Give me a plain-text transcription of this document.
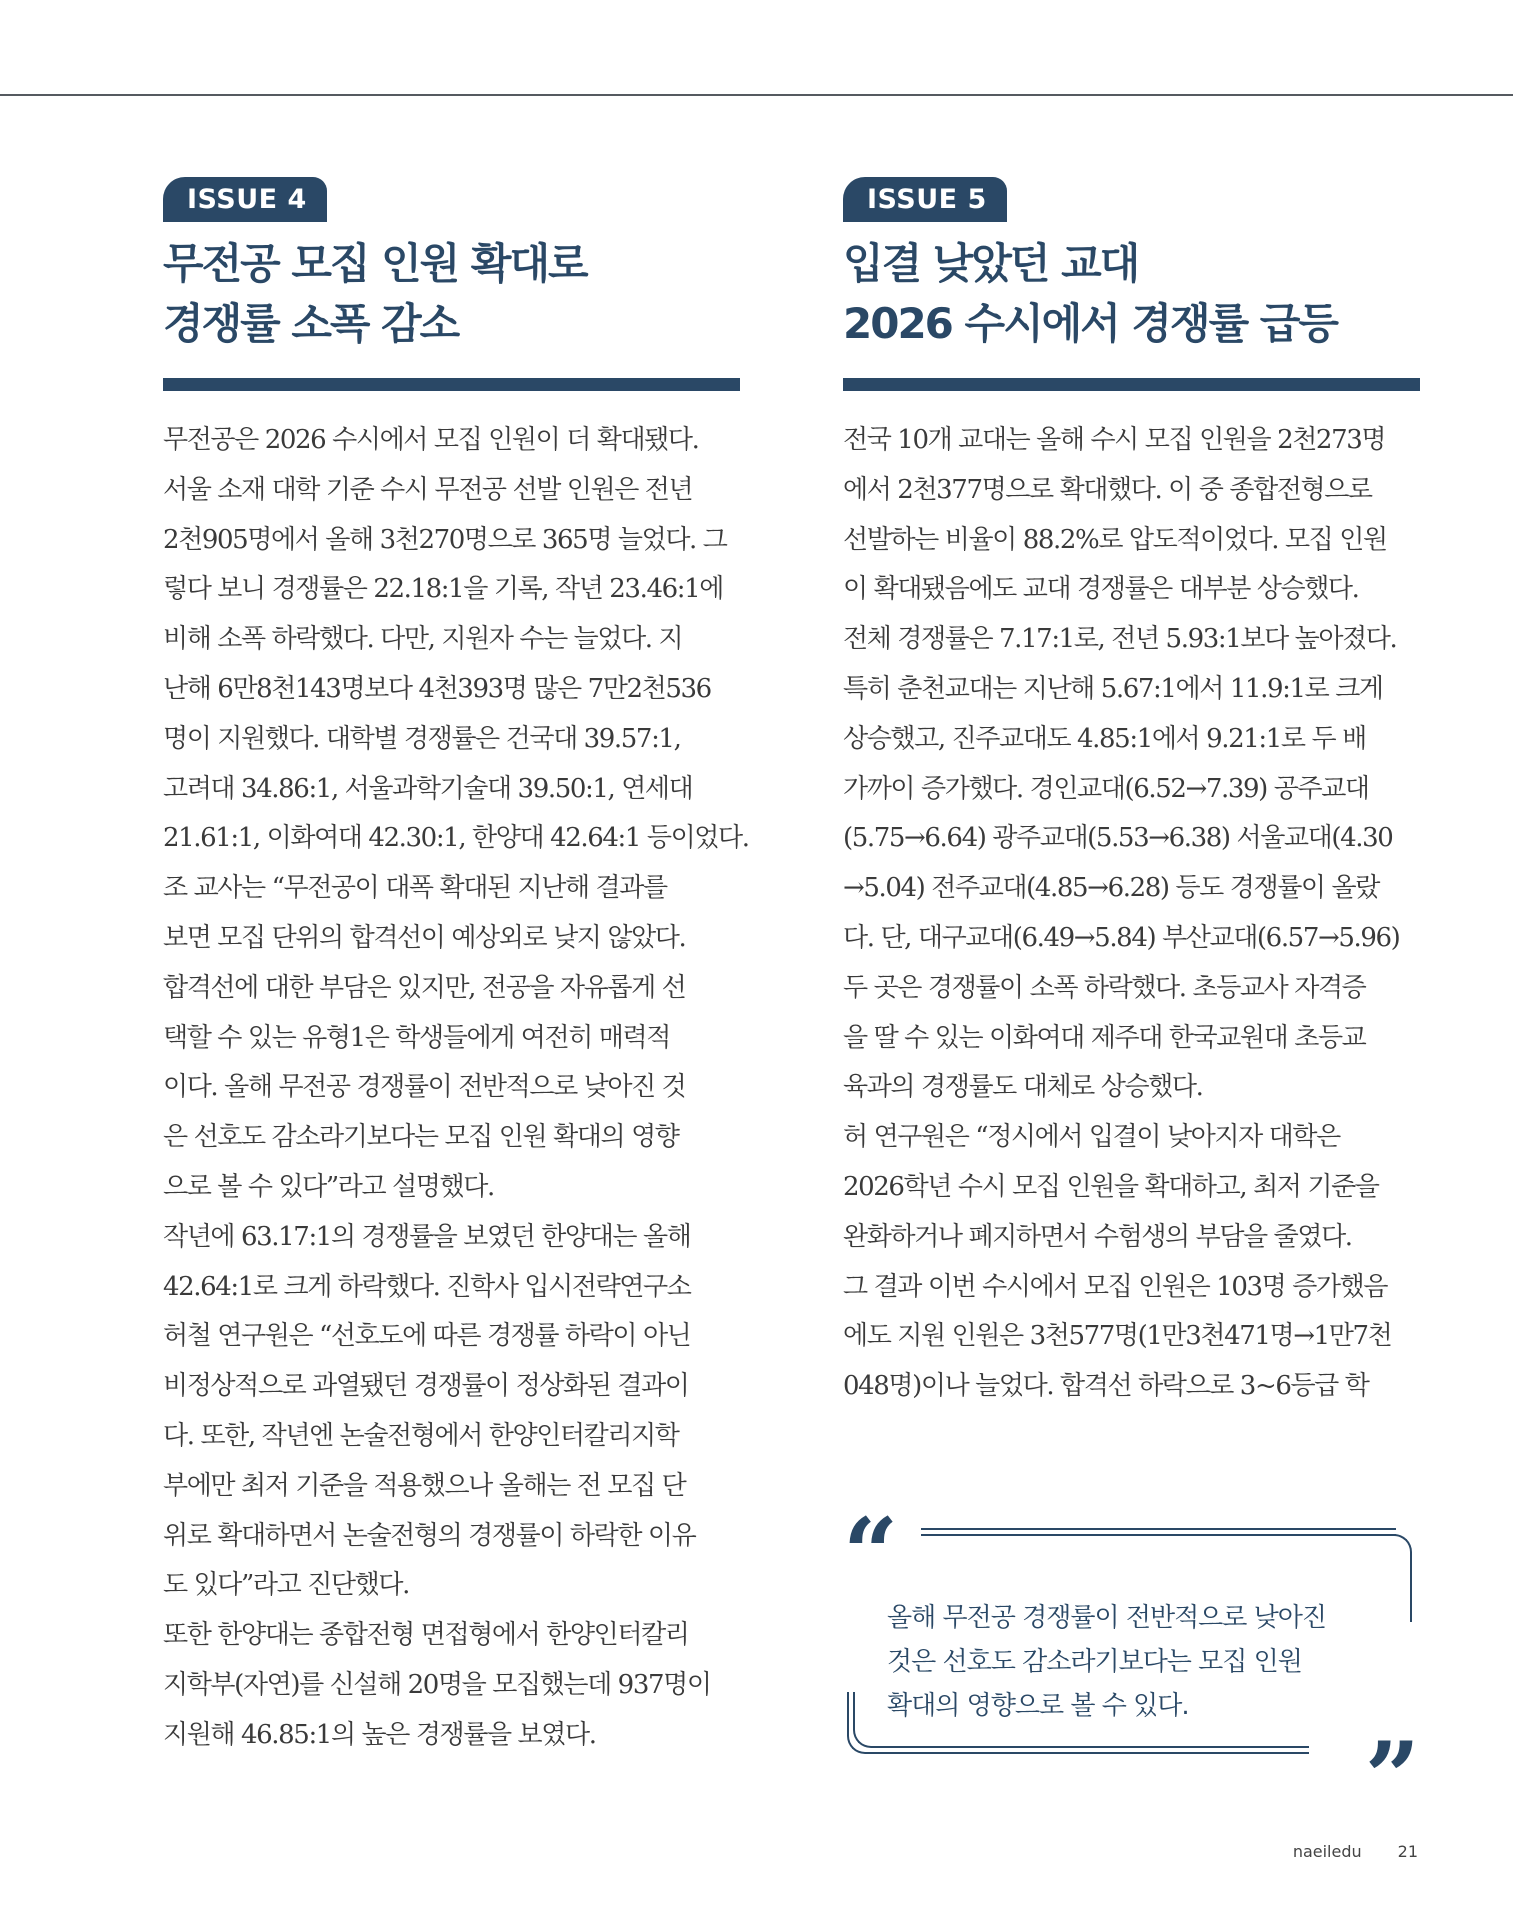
ISSUE 4
무전공 모집 인원 확대로
경쟁률 소폭 감소

무전공은 2026 수시에서 모집 인원이 더 확대됐다.
서울 소재 대학 기준 수시 무전공 선발 인원은 전년
2천905명에서 올해 3천270명으로 365명 늘었다. 그
렇다 보니 경쟁률은 22.18:1을 기록, 작년 23.46:1에
비해 소폭 하락했다. 다만, 지원자 수는 늘었다. 지
난해 6만8천143명보다 4천393명 많은 7만2천536
명이 지원했다. 대학별 경쟁률은 건국대 39.57:1,
고려대 34.86:1, 서울과학기술대 39.50:1, 연세대
21.61:1, 이화여대 42.30:1, 한양대 42.64:1 등이었다.
조 교사는 “무전공이 대폭 확대된 지난해 결과를
보면 모집 단위의 합격선이 예상외로 낮지 않았다.
합격선에 대한 부담은 있지만, 전공을 자유롭게 선
택할 수 있는 유형1은 학생들에게 여전히 매력적
이다. 올해 무전공 경쟁률이 전반적으로 낮아진 것
은 선호도 감소라기보다는 모집 인원 확대의 영향
으로 볼 수 있다”라고 설명했다.

작년에 63.17:1의 경쟁률을 보였던 한양대는 올해
42.64:1로 크게 하락했다. 진학사 입시전략연구소
허철 연구원은 “선호도에 따른 경쟁률 하락이 아닌
비정상적으로 과열됐던 경쟁률이 정상화된 결과이
다. 또한, 작년엔 논술전형에서 한양인터칼리지학
부에만 최저 기준을 적용했으나 올해는 전 모집 단
위로 확대하면서 논술전형의 경쟁률이 하락한 이유
도 있다”라고 진단했다.

또한 한양대는 종합전형 면접형에서 한양인터칼리
지학부(자연)를 신설해 20명을 모집했는데 937명이
지원해 46.85:1의 높은 경쟁률을 보였다.

ISSUE 5
입결 낮았던 교대
2026 수시에서 경쟁률 급등

전국 10개 교대는 올해 수시 모집 인원을 2천273명
에서 2천377명으로 확대했다. 이 중 종합전형으로
선발하는 비율이 88.2%로 압도적이었다. 모집 인원
이 확대됐음에도 교대 경쟁률은 대부분 상승했다.
전체 경쟁률은 7.17:1로, 전년 5.93:1보다 높아졌다.
특히 춘천교대는 지난해 5.67:1에서 11.9:1로 크게
상승했고, 진주교대도 4.85:1에서 9.21:1로 두 배
가까이 증가했다. 경인교대(6.52→7.39) 공주교대
(5.75→6.64) 광주교대(5.53→6.38) 서울교대(4.30
→5.04) 전주교대(4.85→6.28) 등도 경쟁률이 올랐
다. 단, 대구교대(6.49→5.84) 부산교대(6.57→5.96)
두 곳은 경쟁률이 소폭 하락했다. 초등교사 자격증
을 딸 수 있는 이화여대 제주대 한국교원대 초등교
육과의 경쟁률도 대체로 상승했다.

허 연구원은 “정시에서 입결이 낮아지자 대학은
2026학년 수시 모집 인원을 확대하고, 최저 기준을
완화하거나 폐지하면서 수험생의 부담을 줄였다.
그 결과 이번 수시에서 모집 인원은 103명 증가했음
에도 지원 인원은 3천577명(1만3천471명→1만7천
048명)이나 늘었다. 합격선 하락으로 3~6등급 학

“
올해 무전공 경쟁률이 전반적으로 낮아진
것은 선호도 감소라기보다는 모집 인원
확대의 영향으로 볼 수 있다.
”
naeiledu 21
